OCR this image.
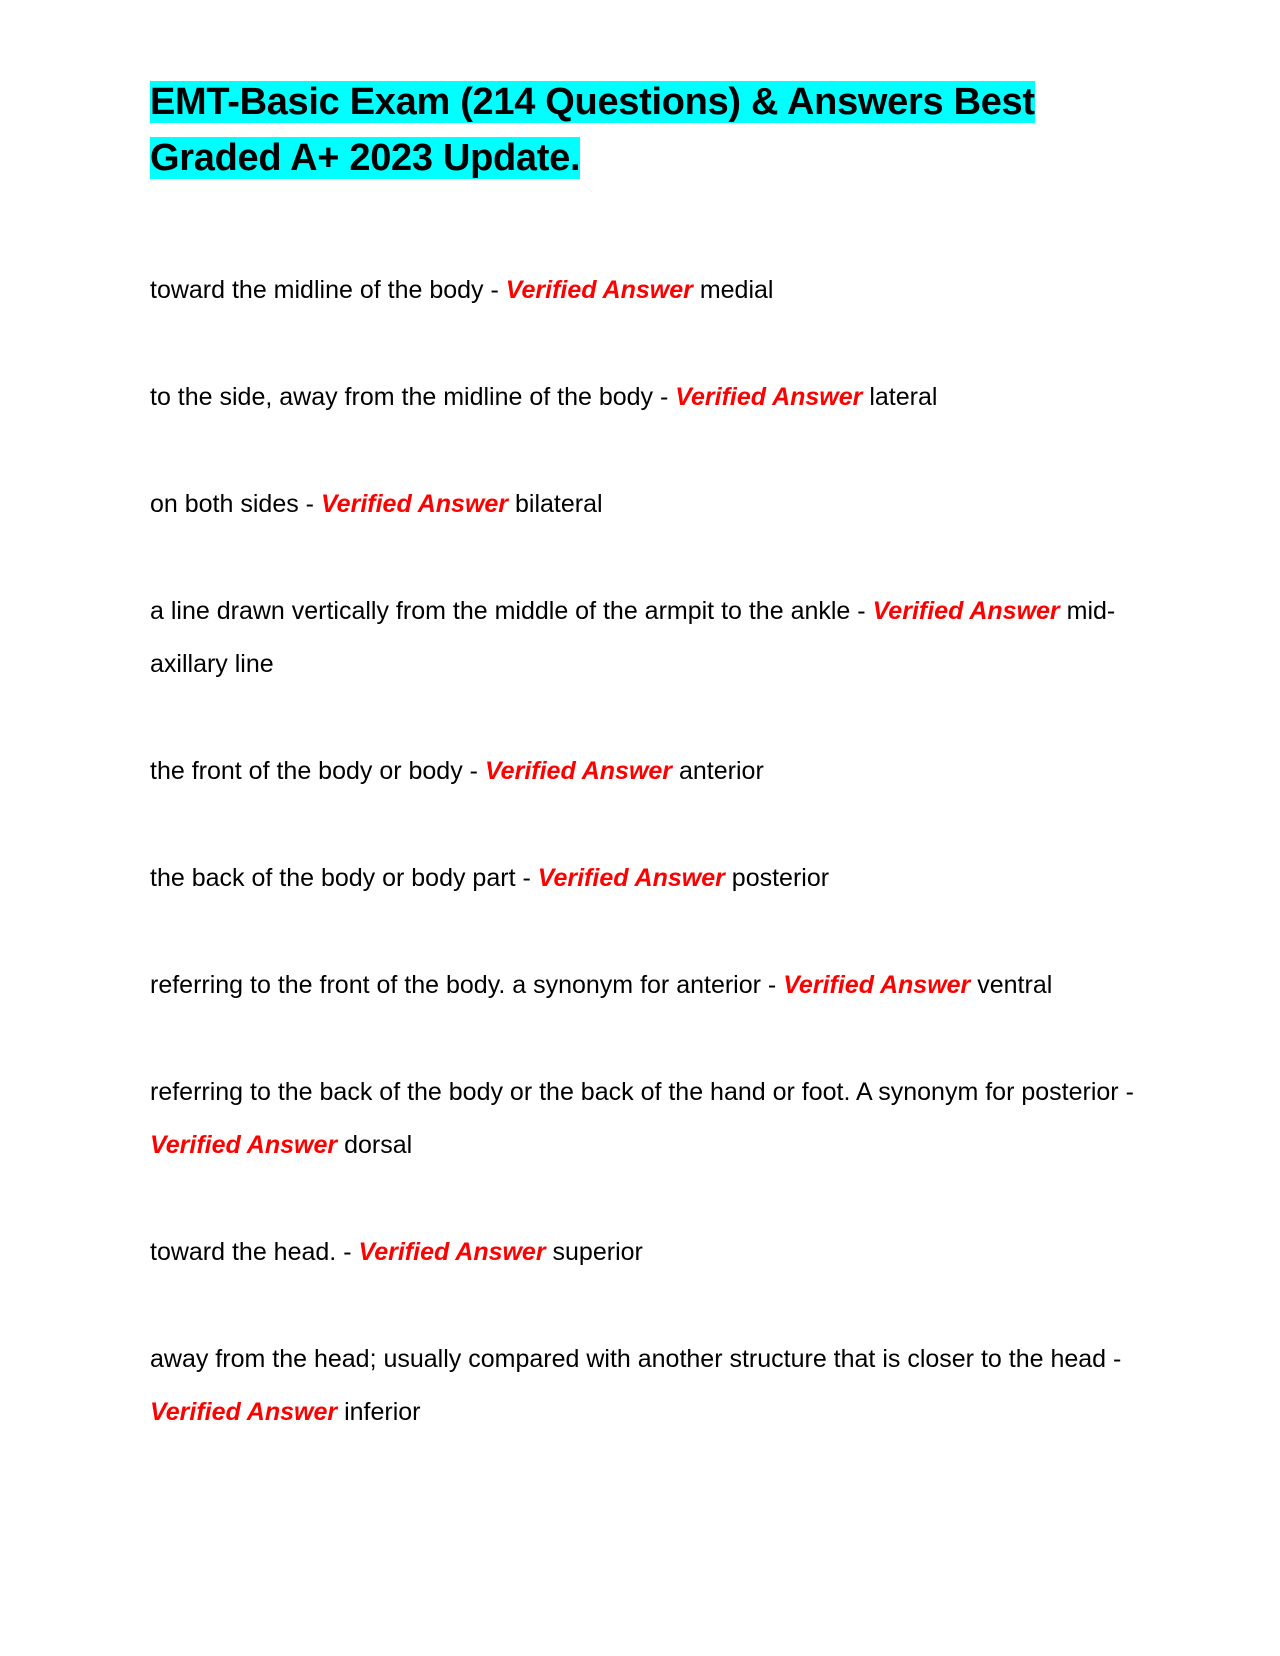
EMT-Basic Exam (214 Questions) & Answers Best Graded A+ 2023 Update.

toward the midline of the body - Verified Answer medial

to the side, away from the midline of the body - Verified Answer lateral

on both sides - Verified Answer bilateral

a line drawn vertically from the middle of the armpit to the ankle - Verified Answer mid-axillary line

the front of the body or body - Verified Answer anterior

the back of the body or body part - Verified Answer posterior

referring to the front of the body. a synonym for anterior - Verified Answer ventral

referring to the back of the body or the back of the hand or foot. A synonym for posterior - Verified Answer dorsal

toward the head. - Verified Answer superior

away from the head; usually compared with another structure that is closer to the head - Verified Answer inferior
